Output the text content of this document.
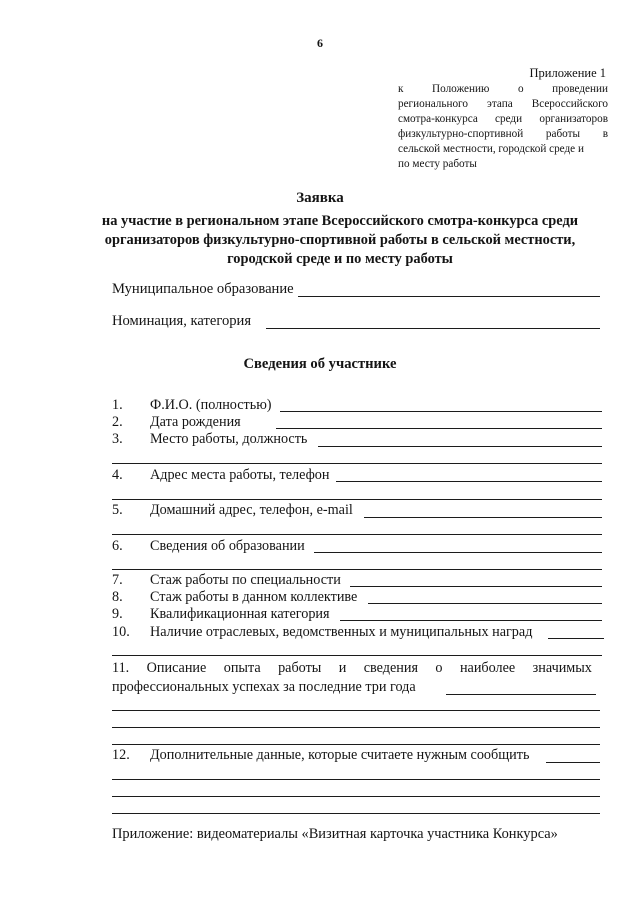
6
Приложение 1
к Положению о проведении
регионального этапа Всероссийского
смотра-конкурса среди организаторов
физкультурно-спортивной работы в
сельской местности, городской среде и
по месту работы
Заявка
на участие в региональном этапе Всероссийского смотра-конкурса среди
организаторов физкультурно-спортивной работы в сельской местности,
городской среде и по месту работы
Муниципальное образование
Номинация, категория
Сведения об участнике
1. Ф.И.О. (полностью)
2. Дата рождения
3. Место работы, должность
4. Адрес места работы, телефон
5. Домашний адрес, телефон, e-mail
6. Сведения об образовании
7. Стаж работы по специальности
8. Стаж работы в данном коллективе
9. Квалификационная категория
10. Наличие отраслевых, ведомственных и муниципальных наград
11. Описание опыта работы и сведения о наиболее значимых
профессиональных успехах за последние три года
12. Дополнительные данные, которые считаете нужным сообщить
Приложение: видеоматериалы «Визитная карточка участника Конкурса»
